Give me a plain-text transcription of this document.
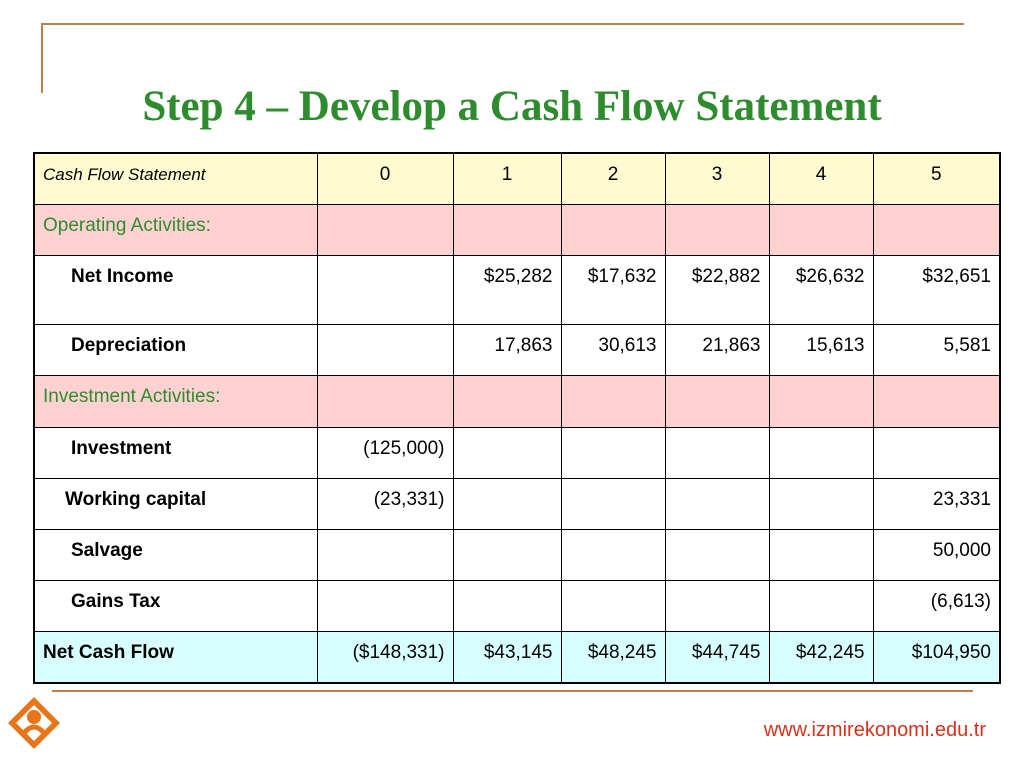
Step 4 – Develop a Cash Flow Statement
Cash Flow Statement	0	1	2	3	4	5
Operating Activities:						
Net Income		$25,282	$17,632	$22,882	$26,632	$32,651
Depreciation		17,863	30,613	21,863	15,613	5,581
Investment Activities:						
Investment	(125,000)					
Working capital	(23,331)					23,331
Salvage						50,000
Gains Tax						(6,613)
Net Cash Flow	($148,331)	$43,145	$48,245	$44,745	$42,245	$104,950
www.izmirekonomi.edu.tr
